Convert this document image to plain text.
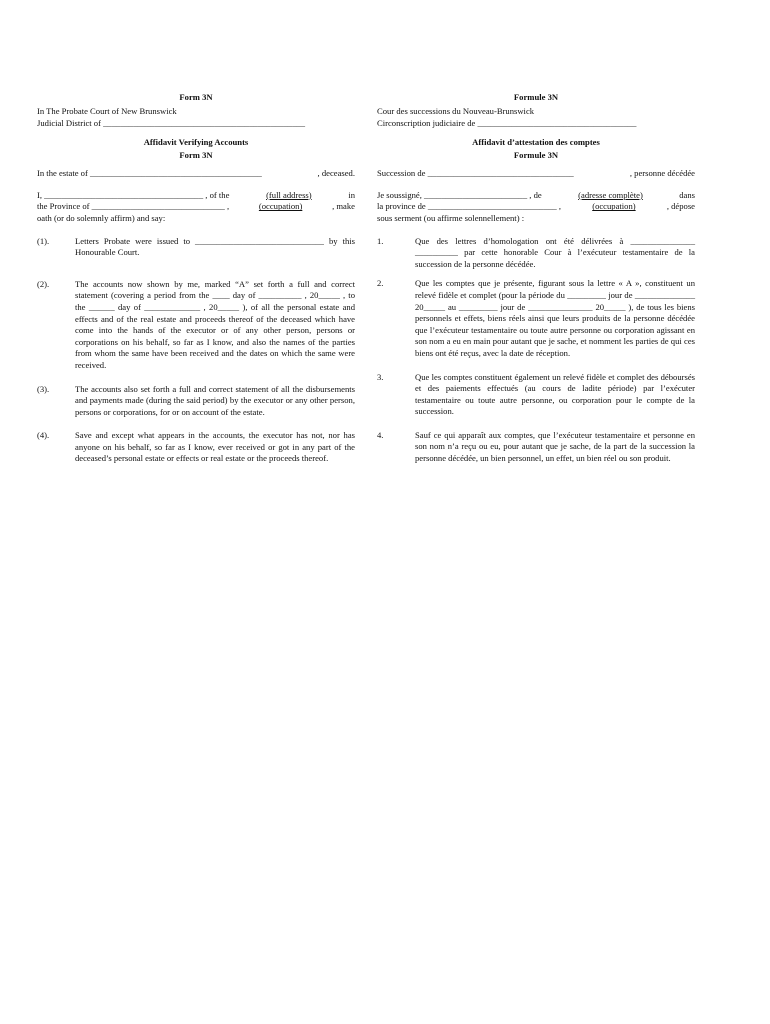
Form 3N
In The Probate Court of New Brunswick
Judicial District of _______________________________________________
Affidavit Verifying Accounts
Form 3N
In the estate of ________________________________________	, deceased.
I, _____________________________________ , of the	(full address)	in
the Province of _______________________________ ,	(occupation)	, make
oath (or do solemnly affirm) and say:
(1).	Letters Probate were issued to ______________________________ by this Honourable Court.
(2).	The accounts now shown by me, marked “A” set forth a full and correct statement (covering a period from the ____ day of __________ , 20_____ , to the ______ day of _____________ , 20_____ ), of all the personal estate and effects and of the real estate and proceeds thereof of the deceased which have come into the hands of the executor or of any other person, persons or corporations on his behalf, so far as I know, and also the names of the parties from whom the same have been received and the dates on which the same were received.
(3).	The accounts also set forth a full and correct statement of all the disbursements and payments made (during the said period) by the executor or any other person, persons or corporations, for or on account of the estate.
(4).	Save and except what appears in the accounts, the executor has not, nor has anyone on his behalf, so far as I know, ever received or got in any part of the deceased’s personal estate or effects or real estate or the proceeds thereof.
Formule 3N
Cour des successions du Nouveau-Brunswick
Circonscription judiciaire de _____________________________________
Affidavit d’attestation des comptes
Formule 3N
Succession de __________________________________	, personne décédée
Je soussigné, ________________________ , de	(adresse complète)	dans
la province de ______________________________ ,	(occupation)	, dépose
sous serment (ou affirme solennellement) :
1.	Que des lettres d’homologation ont été délivrées à _______________ __________ par cette honorable Cour à l’exécuteur testamentaire de la succession de la personne décédée.
2.	Que les comptes que je présente, figurant sous la lettre « A », constituent un relevé fidèle et complet (pour la période du _________ jour de ______________ 20_____ au _________ jour de _______________ 20_____ ), de tous les biens personnels et effets, biens réels ainsi que leurs produits de la personne décédée que l’exécuteur testamentaire ou toute autre personne ou corporation agissant en son nom a eu en main pour autant que je sache, et nomment les parties de qui ces biens ont été reçus, avec la date de réception.
3.	Que les comptes constituent également un relevé fidèle et complet des déboursés et des paiements effectués (au cours de ladite période) par l’exécuter testamentaire ou toute autre personne, ou corporation pour le compte de la succession.
4.	Sauf ce qui apparaît aux comptes, que l’exécuteur testamentaire et personne en son nom n’a reçu ou eu, pour autant que je sache, de la part de la succession la personne décédée, un bien personnel, un effet, un bien réel ou son produit.
